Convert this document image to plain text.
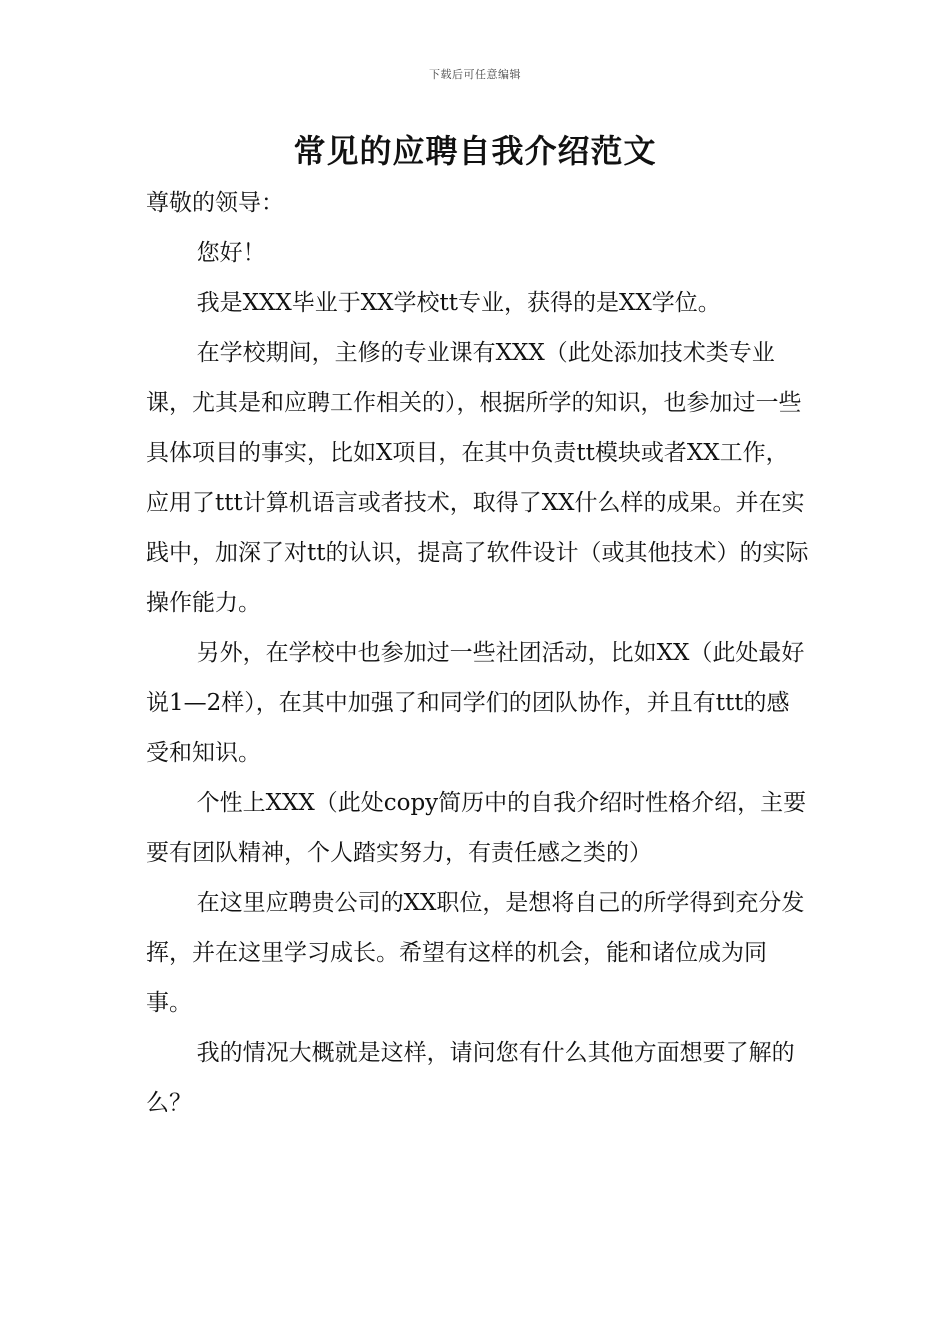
下载后可任意编辑
常见的应聘自我介绍范文

尊敬的领导：

您好！

我是XXX毕业于XX学校tt专业，获得的是XX学位。

在学校期间，主修的专业课有XXX（此处添加技术类专业课，尤其是和应聘工作相关的），根据所学的知识，也参加过一些具体项目的事实，比如X项目，在其中负责tt模块或者XX工作，应用了ttt计算机语言或者技术，取得了XX什么样的成果。并在实践中，加深了对tt的认识，提高了软件设计（或其他技术）的实际操作能力。

另外，在学校中也参加过一些社团活动，比如XX（此处最好说1—2样），在其中加强了和同学们的团队协作，并且有ttt的感受和知识。

个性上XXX（此处copy简历中的自我介绍时性格介绍，主要要有团队精神，个人踏实努力，有责任感之类的）

在这里应聘贵公司的XX职位，是想将自己的所学得到充分发挥，并在这里学习成长。希望有这样的机会，能和诸位成为同事。

我的情况大概就是这样，请问您有什么其他方面想要了解的么？
